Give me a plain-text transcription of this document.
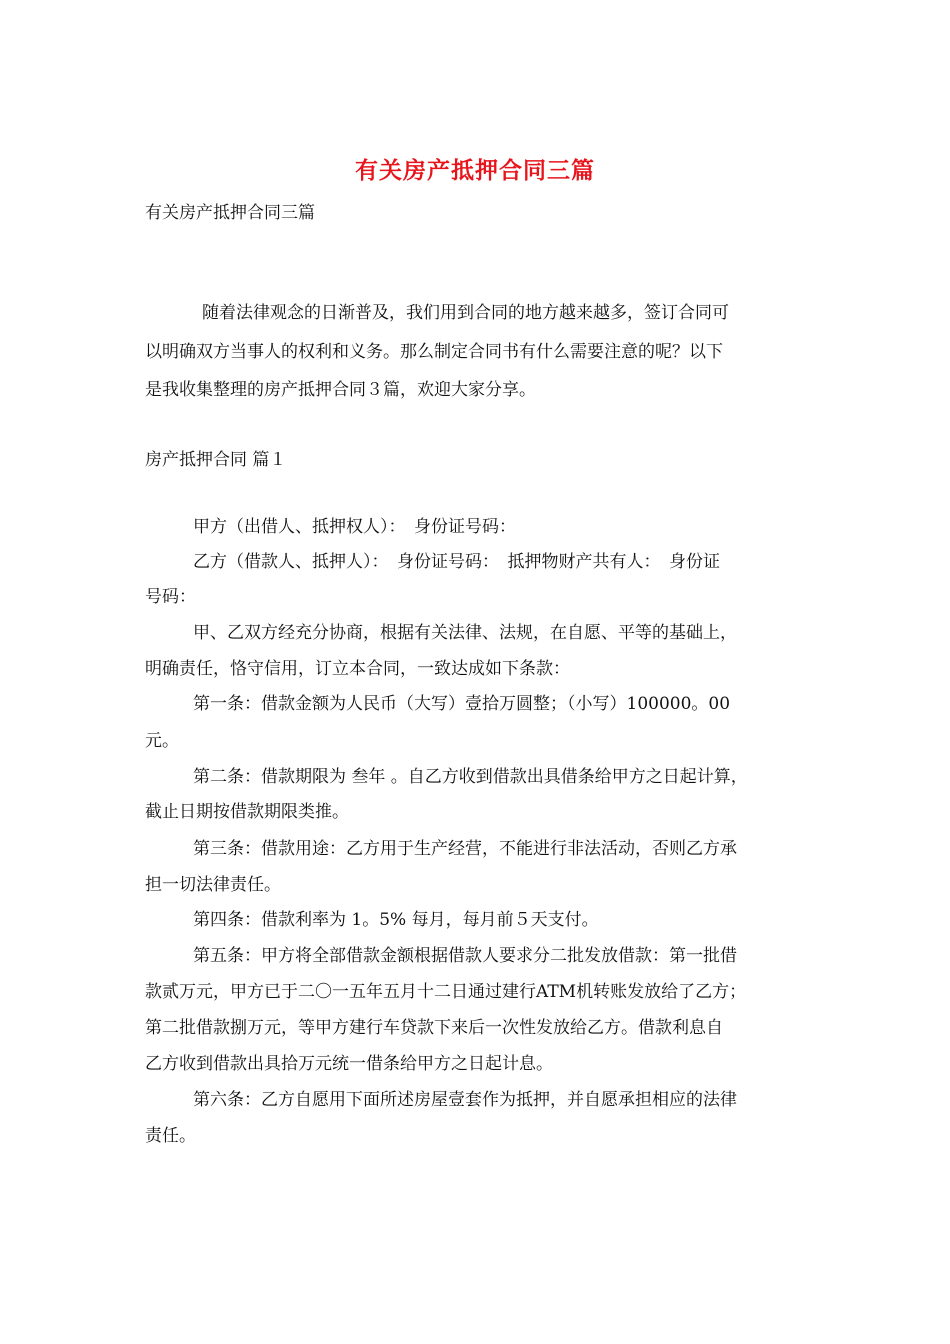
有关房产抵押合同三篇
有关房产抵押合同三篇
随着法律观念的日渐普及，我们用到合同的地方越来越多，签订合同可
以明确双方当事人的权利和义务。那么制定合同书有什么需要注意的呢？以下
是我收集整理的房产抵押合同３篇，欢迎大家分享。
房产抵押合同 篇１
甲方（出借人、抵押权人）：　身份证号码：
乙方（借款人、抵押人）：　身份证号码：　抵押物财产共有人：　身份证
号码：
甲、乙双方经充分协商，根据有关法律、法规，在自愿、平等的基础上，
明确责任，恪守信用，订立本合同，一致达成如下条款：
第一条：借款金额为人民币（大写）壹拾万圆整；（小写）100000。00
元。
第二条：借款期限为 叁年 。自乙方收到借款出具借条给甲方之日起计算，
截止日期按借款期限类推。
第三条：借款用途：乙方用于生产经营，不能进行非法活动，否则乙方承
担一切法律责任。
第四条：借款利率为 1。5% 每月，每月前５天支付。
第五条：甲方将全部借款金额根据借款人要求分二批发放借款：第一批借
款贰万元，甲方已于二〇一五年五月十二日通过建行ATM机转账发放给了乙方；
第二批借款捌万元，等甲方建行车贷款下来后一次性发放给乙方。借款利息自
乙方收到借款出具拾万元统一借条给甲方之日起计息。
第六条：乙方自愿用下面所述房屋壹套作为抵押，并自愿承担相应的法律
责任。
